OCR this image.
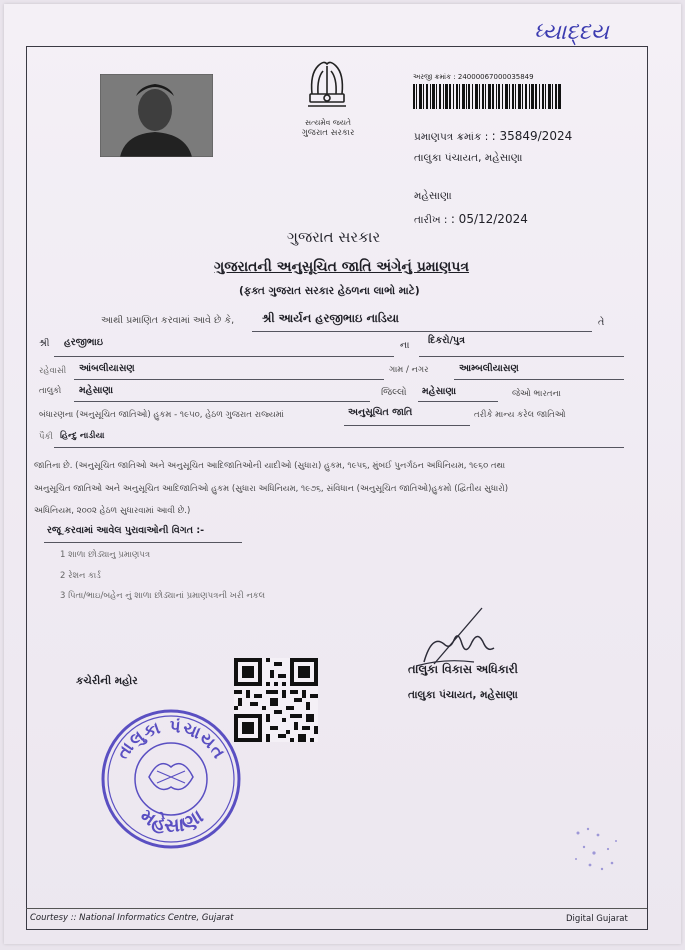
ધ્યાદ્દય
સત્યમેવ જયતે
ગુજરાત સરકાર
અરજી ક્રમાંક : 24000067000035849
પ્રમાણપત્ર ક્રમાંક : : 35849/2024
તાલુકા પંચાયત, મહેસાણા
મહેસાણા
તારીખ : : 05/12/2024
ગુજરાત સરકાર
ગુજરાતની અનુસૂચિત જાતિ અંગેનું પ્રમાણપત્ર
(ફક્ત ગુજરાત સરકાર હેઠળના લાભો માટે)
આથી પ્રમાણિત કરવામાં આવે છે કે, શ્રી આર્યન હરજીભાઇ નાડિયા	તે
શ્રી હરજીભાઇ	ના દિકરો/પુત્ર
રહેવાસી આંબલીયાસણ	ગામ / નગર	આમ્બલીયાસણ
તાલુકો મહેસાણા	જિલ્લો મહેસાણા	જેઓ ભારતના
બંધારણના (અનુસૂચિત જાતિઓ) હુકમ - ૧૯૫૦, હેઠળ ગુજરાત રાજ્યમાં	અનુસૂચિત જાતિ	તરીકે માન્ય કરેલ જાતિઓ
પૈકી હિન્દુ નાડીયા
જાતિના છે. (અનુસૂચિત જાતિઓ અને અનુસૂચિત આદિજાતિઓની યાદીઓ (સુધારા) હુકમ, ૧૯૫૬, મુંબઈ પુનર્ગઠન અધિનિયમ, ૧૯૬૦ તથા
અનુસૂચિત જાતિઓ અને અનુસૂચિત આદિજાતિઓ હુકમ (સુધારા અધિનિયમ, ૧૯૭૬, સંવિધાન (અનુસૂચિત જાતિઓ)હુકમો (દ્વિતીય સુધારો)
અધિનિયમ, ૨૦૦૨ હેઠળ સુધારવામાં આવી છે.)
રજૂ કરવામાં આવેલ પુરાવાઓની વિગત :-
1 શાળા છોડ્યાનુ પ્રમાણપત્ર
2 રેશન કાર્ડ
3 પિતા/ભાઇ/બહેન નું શાળા છોડ્યાનાં પ્રમાણપત્રની ખરી નકલ
તાલુકા વિકાસ અધિકારી
તાલુકા પંચાયત, મહેસાણા
કચેરીની મહોર
તાલુકા પંચાયત
મહેસાણા
Courtesy :: National Informatics Centre, Gujarat	Digital Gujarat
